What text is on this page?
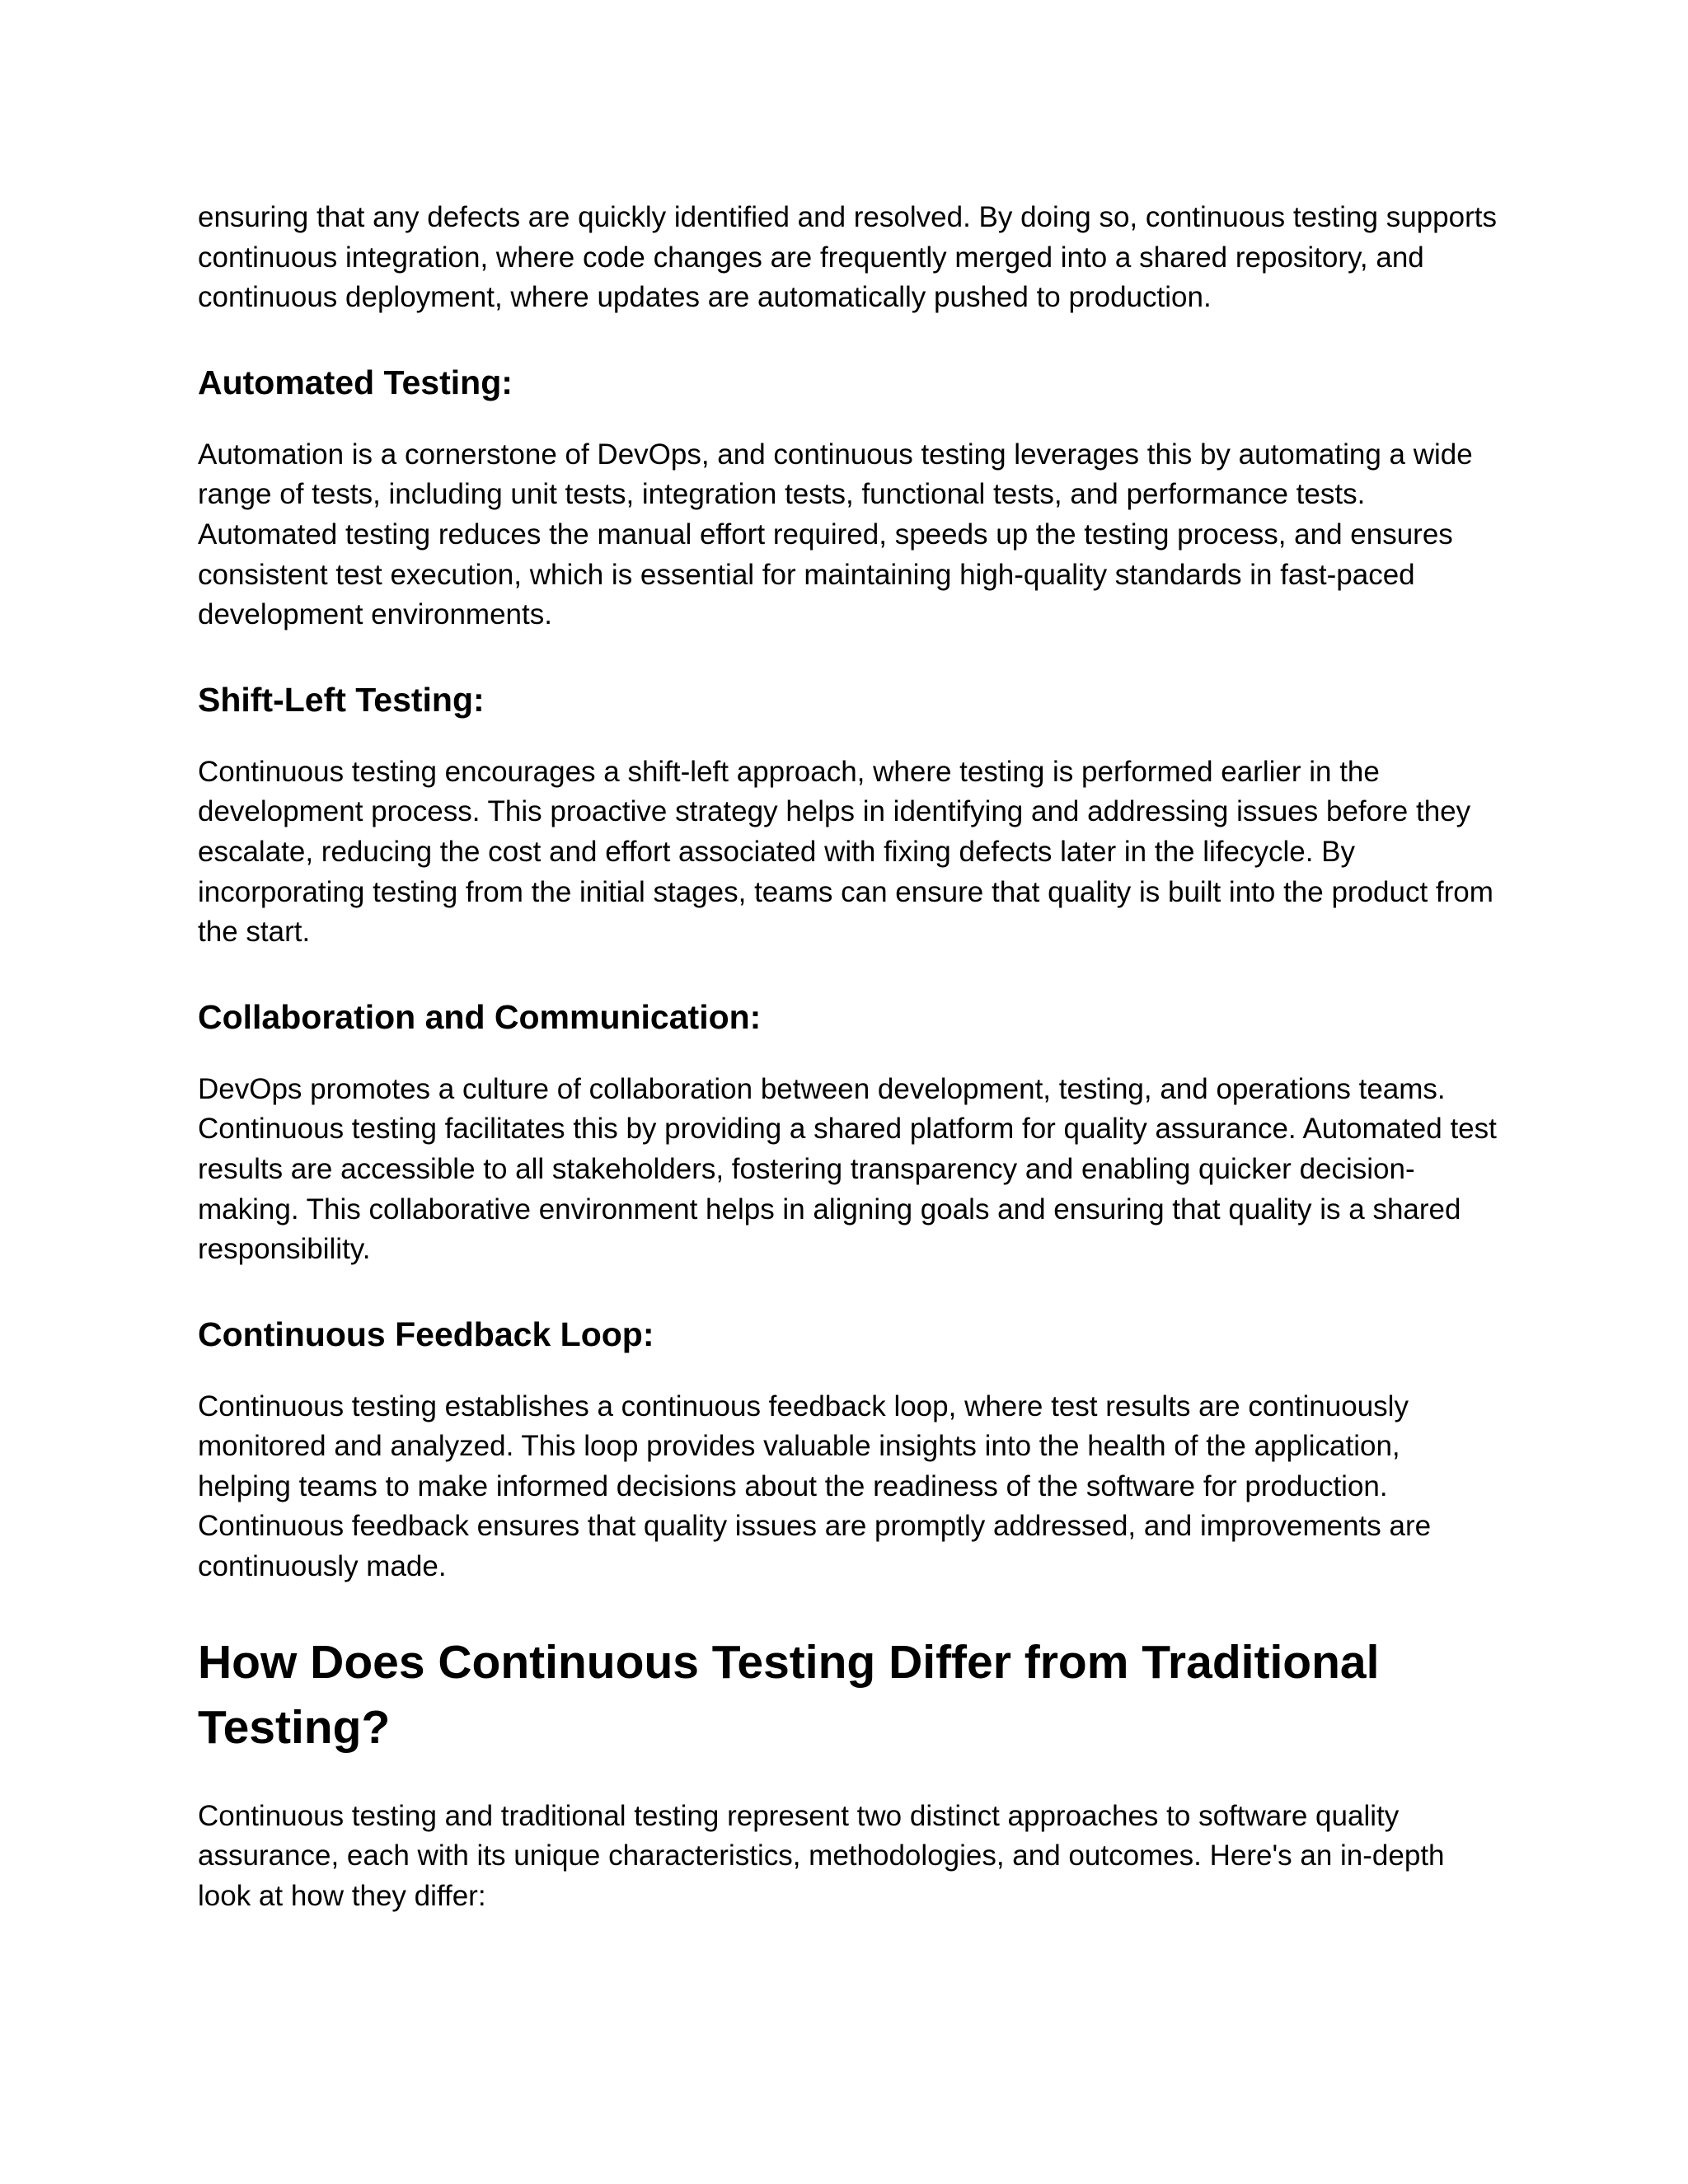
ensuring that any defects are quickly identified and resolved. By doing so, continuous testing supports continuous integration, where code changes are frequently merged into a shared repository, and continuous deployment, where updates are automatically pushed to production.

Automated Testing:

Automation is a cornerstone of DevOps, and continuous testing leverages this by automating a wide range of tests, including unit tests, integration tests, functional tests, and performance tests. Automated testing reduces the manual effort required, speeds up the testing process, and ensures consistent test execution, which is essential for maintaining high-quality standards in fast-paced development environments.

Shift-Left Testing:

Continuous testing encourages a shift-left approach, where testing is performed earlier in the development process. This proactive strategy helps in identifying and addressing issues before they escalate, reducing the cost and effort associated with fixing defects later in the lifecycle. By incorporating testing from the initial stages, teams can ensure that quality is built into the product from the start.

Collaboration and Communication:

DevOps promotes a culture of collaboration between development, testing, and operations teams. Continuous testing facilitates this by providing a shared platform for quality assurance. Automated test results are accessible to all stakeholders, fostering transparency and enabling quicker decision-making. This collaborative environment helps in aligning goals and ensuring that quality is a shared responsibility.

Continuous Feedback Loop:

Continuous testing establishes a continuous feedback loop, where test results are continuously monitored and analyzed. This loop provides valuable insights into the health of the application, helping teams to make informed decisions about the readiness of the software for production. Continuous feedback ensures that quality issues are promptly addressed, and improvements are continuously made.

How Does Continuous Testing Differ from Traditional Testing?

Continuous testing and traditional testing represent two distinct approaches to software quality assurance, each with its unique characteristics, methodologies, and outcomes. Here's an in-depth look at how they differ:
